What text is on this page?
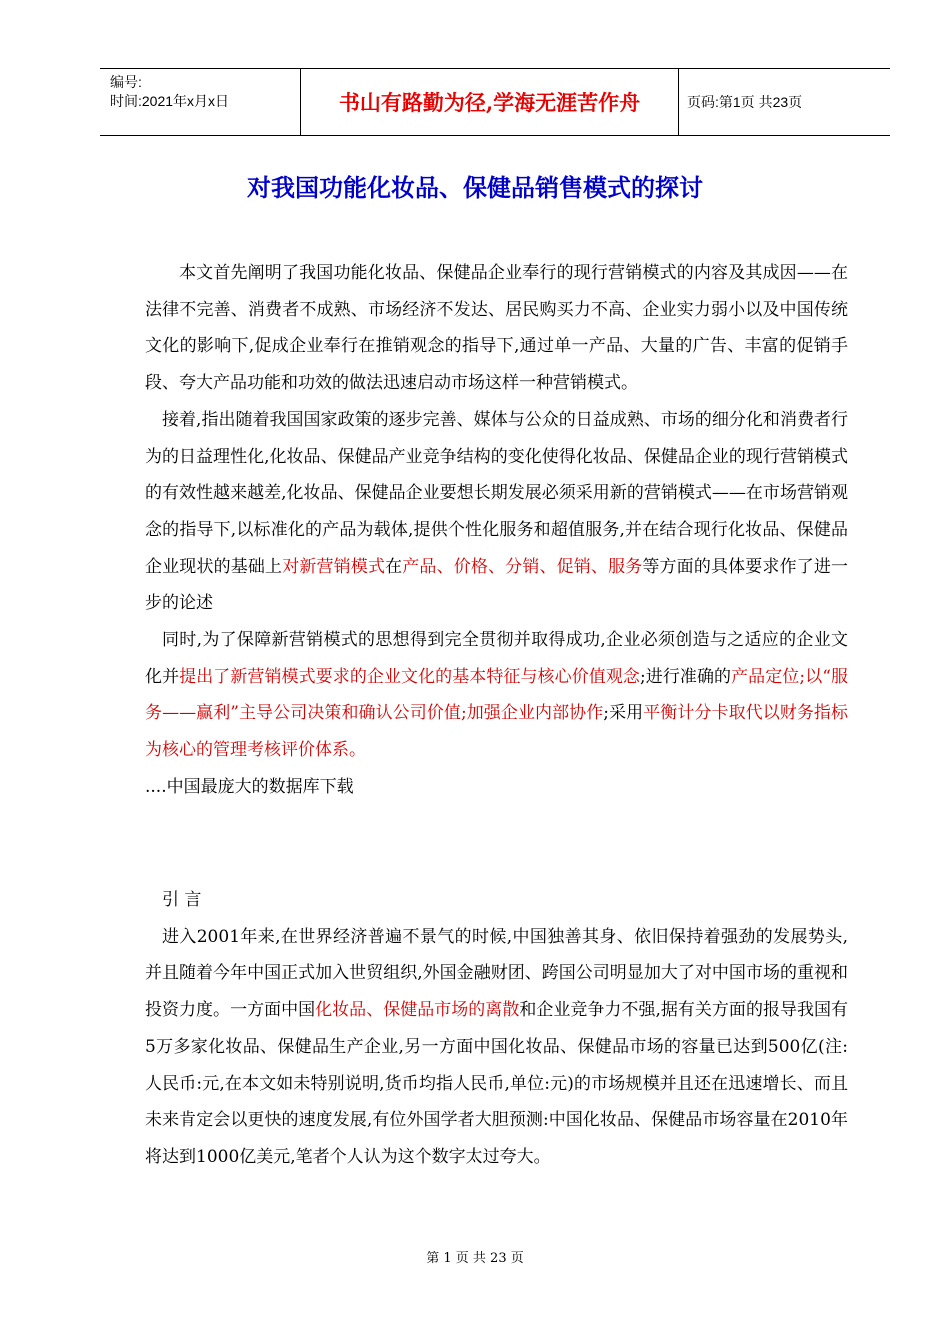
编号:
时间:2021年x月x日	书山有路勤为径,学海无涯苦作舟	页码:第1页 共23页
对我国功能化妆品、保健品销售模式的探讨

本文首先阐明了我国功能化妆品、保健品企业奉行的现行营销模式的内容及其成因——在法律不完善、消费者不成熟、市场经济不发达、居民购买力不高、企业实力弱小以及中国传统文化的影响下,促成企业奉行在推销观念的指导下,通过单一产品、大量的广告、丰富的促销手段、夸大产品功能和功效的做法迅速启动市场这样一种营销模式。

接着,指出随着我国国家政策的逐步完善、媒体与公众的日益成熟、市场的细分化和消费者行为的日益理性化,化妆品、保健品产业竞争结构的变化使得化妆品、保健品企业的现行营销模式的有效性越来越差,化妆品、保健品企业要想长期发展必须采用新的营销模式——在市场营销观念的指导下,以标准化的产品为载体,提供个性化服务和超值服务,并在结合现行化妆品、保健品企业现状的基础上对新营销模式在产品、价格、分销、促销、服务等方面的具体要求作了进一步的论述

同时,为了保障新营销模式的思想得到完全贯彻并取得成功,企业必须创造与之适应的企业文化并提出了新营销模式要求的企业文化的基本特征与核心价值观念;进行准确的产品定位;以“服务——赢利”主导公司决策和确认公司价值;加强企业内部协作;采用平衡计分卡取代以财务指标为核心的管理考核评价体系。

....中国最庞大的数据库下载

引 言

进入2001年来,在世界经济普遍不景气的时候,中国独善其身、依旧保持着强劲的发展势头,并且随着今年中国正式加入世贸组织,外国金融财团、跨国公司明显加大了对中国市场的重视和投资力度。一方面中国化妆品、保健品市场的离散和企业竞争力不强,据有关方面的报导我国有5万多家化妆品、保健品生产企业,另一方面中国化妆品、保健品市场的容量已达到500亿(注:人民币:元,在本文如未特别说明,货币均指人民币,单位:元)的市场规模并且还在迅速增长、而且未来肯定会以更快的速度发展,有位外国学者大胆预测:中国化妆品、保健品市场容量在2010年将达到1000亿美元,笔者个人认为这个数字太过夸大。

第 1 页 共 23 页
